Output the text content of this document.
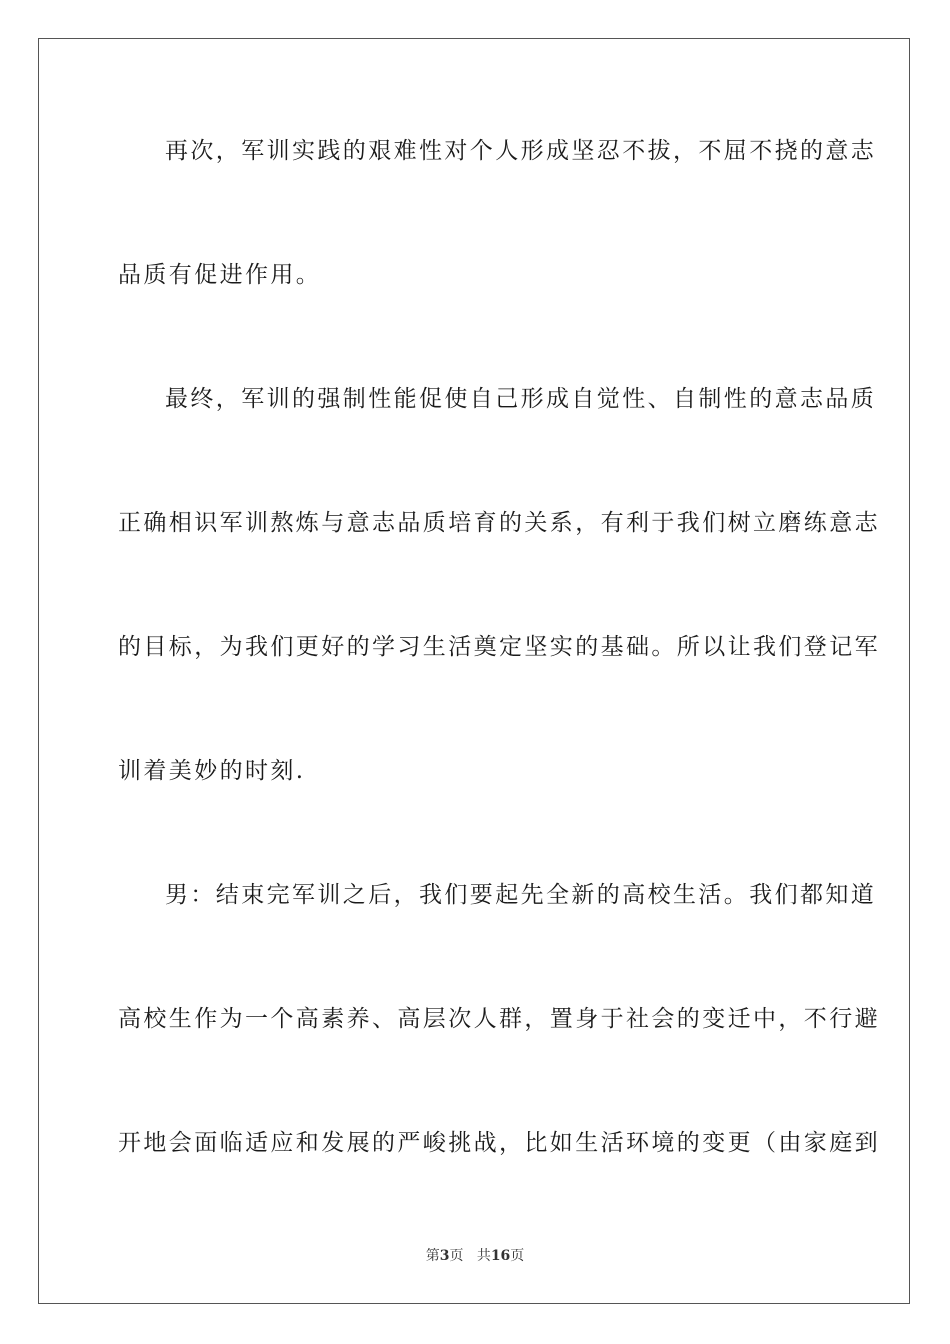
再次，军训实践的艰难性对个人形成坚忍不拔，不屈不挠的意志
品质有促进作用。
最终，军训的强制性能促使自己形成自觉性、自制性的意志品质
正确相识军训熬炼与意志品质培育的关系，有利于我们树立磨练意志
的目标，为我们更好的学习生活奠定坚实的基础。所以让我们登记军
训着美妙的时刻.
男：结束完军训之后，我们要起先全新的高校生活。我们都知道
高校生作为一个高素养、高层次人群，置身于社会的变迁中，不行避
开地会面临适应和发展的严峻挑战，比如生活环境的变更（由家庭到
第3页 共16页
